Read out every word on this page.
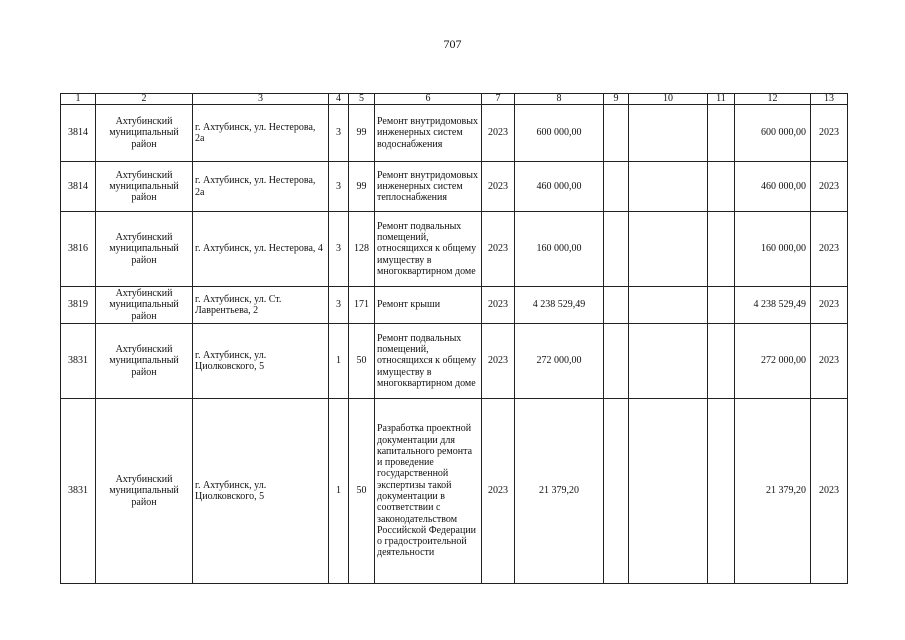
707
1	2	3	4	5	6	7	8	9	10	11	12	13
3814	Ахтубинский муниципальный район	г. Ахтубинск, ул. Нестерова, 2а	3	99	Ремонт внутридомовых инженерных систем водоснабжения	2023	600 000,00				600 000,00	2023
3814	Ахтубинский муниципальный район	г. Ахтубинск, ул. Нестерова, 2а	3	99	Ремонт внутридомовых инженерных систем теплоснабжения	2023	460 000,00				460 000,00	2023
3816	Ахтубинский муниципальный район	г. Ахтубинск, ул. Нестерова, 4	3	128	Ремонт подвальных помещений, относящихся к общему имуществу в многоквартирном доме	2023	160 000,00				160 000,00	2023
3819	Ахтубинский муниципальный район	г. Ахтубинск, ул. Ст. Лаврентьева, 2	3	171	Ремонт крыши	2023	4 238 529,49				4 238 529,49	2023
3831	Ахтубинский муниципальный район	г. Ахтубинск, ул. Циолковского, 5	1	50	Ремонт подвальных помещений, относящихся к общему имуществу в многоквартирном доме	2023	272 000,00				272 000,00	2023
3831	Ахтубинский муниципальный район	г. Ахтубинск, ул. Циолковского, 5	1	50	Разработка проектной документации для капитального ремонта и проведение государственной экспертизы такой документации в соответствии с законодательством Российской Федерации о градостроительной деятельности	2023	21 379,20				21 379,20	2023
